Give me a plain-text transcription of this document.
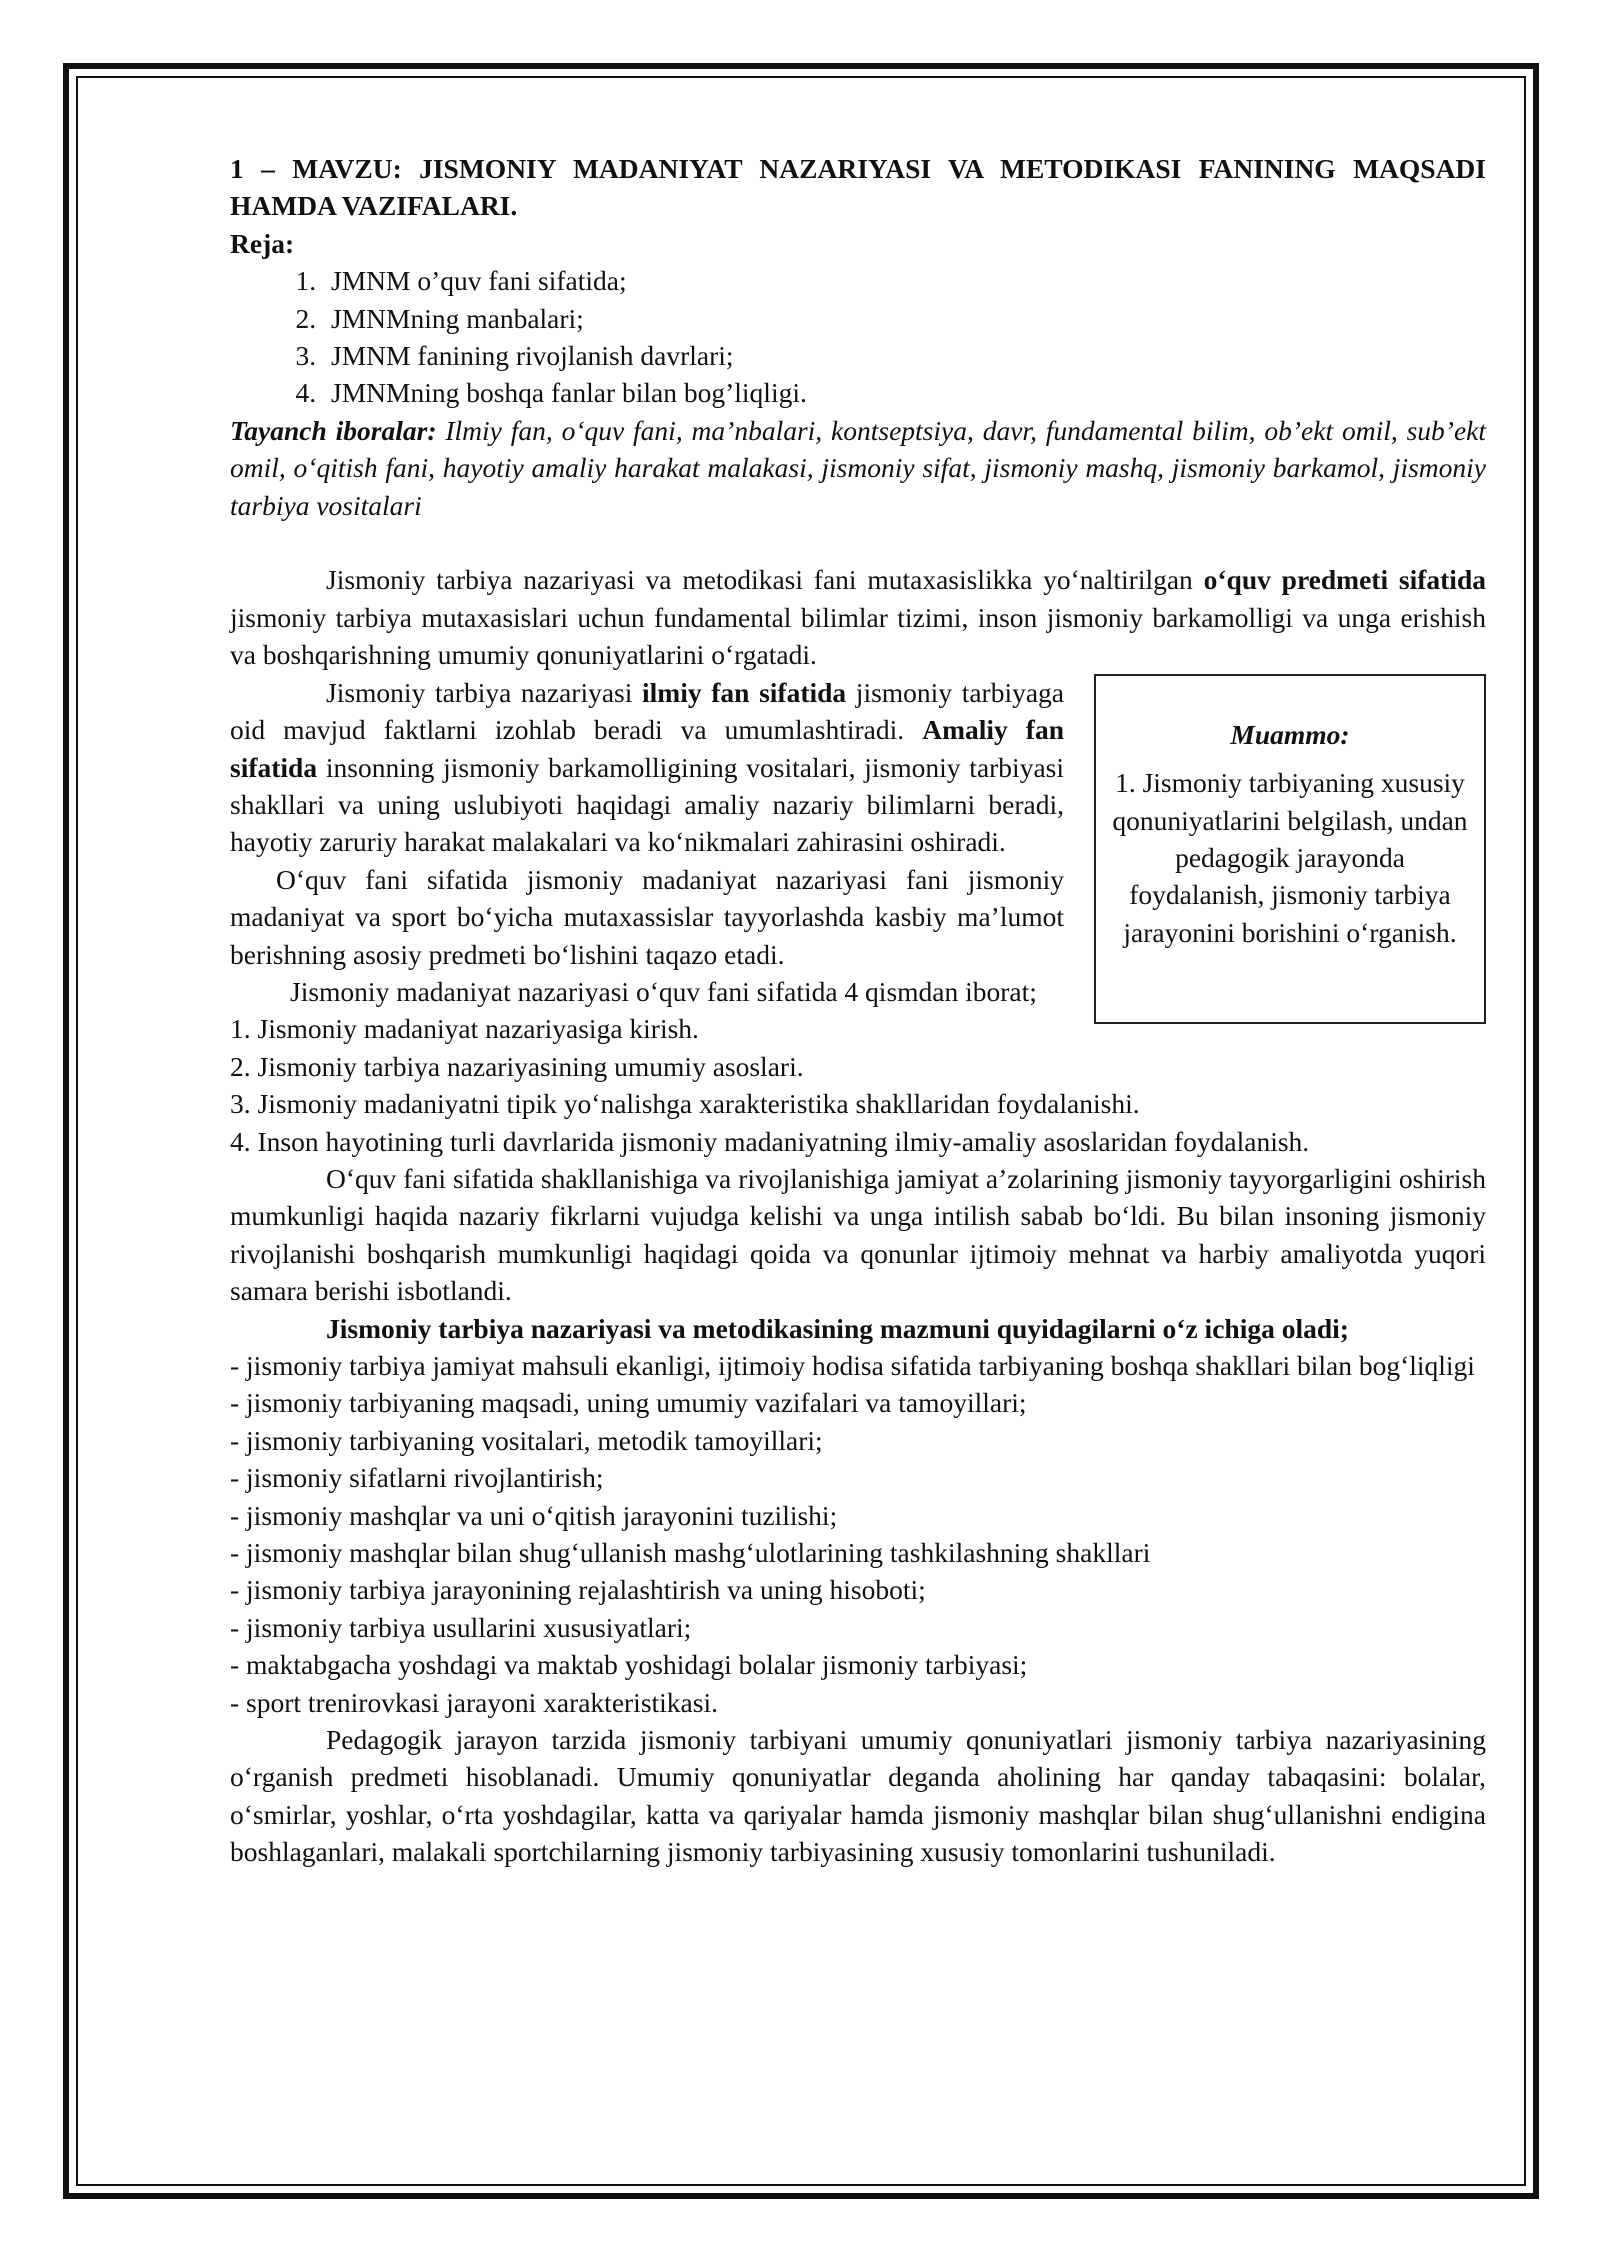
1 – MAVZU: JISMONIY MADANIYAT NAZARIYASI VA METODIKASI FANINING MAQSADI HAMDA VAZIFALARI.

Reja:

1. JMNM o’quv fani sifatida;
2. JMNMning manbalari;
3. JMNM fanining rivojlanish davrlari;
4. JMNMning boshqa fanlar bilan bog’liqligi.

Tayanch iboralar: Ilmiy fan, o‘quv fani, ma’nbalari, kontseptsiya, davr, fundamental bilim, ob’ekt omil, sub’ekt omil, o‘qitish fani, hayotiy amaliy harakat malakasi, jismoniy sifat, jismoniy mashq, jismoniy barkamol, jismoniy tarbiya vositalari

Jismoniy tarbiya nazariyasi va metodikasi fani mutaxasislikka yo‘naltirilgan o‘quv predmeti sifatida jismoniy tarbiya mutaxasislari uchun fundamental bilimlar tizimi, inson jismoniy barkamolligi va unga erishish va boshqarishning umumiy qonuniyatlarini o‘rgatadi.

Muammo:
1. Jismoniy tarbiyaning xususiy qonuniyatlarini belgilash, undan pedagogik jarayonda foydalanish, jismoniy tarbiya jarayonini borishini o‘rganish.

Jismoniy tarbiya nazariyasi ilmiy fan sifatida jismoniy tarbiyaga oid mavjud faktlarni izohlab beradi va umumlashtiradi. Amaliy fan sifatida insonning jismoniy barkamolligining vositalari, jismoniy tarbiyasi shakllari va uning uslubiyoti haqidagi amaliy nazariy bilimlarni beradi, hayotiy zaruriy harakat malakalari va ko‘nikmalari zahirasini oshiradi.

O‘quv fani sifatida jismoniy madaniyat nazariyasi fani jismoniy madaniyat va sport bo‘yicha mutaxassislar tayyorlashda kasbiy ma’lumot berishning asosiy predmeti bo‘lishini taqazo etadi.

Jismoniy madaniyat nazariyasi o‘quv fani sifatida 4 qismdan iborat;

1. Jismoniy madaniyat nazariyasiga kirish.

2. Jismoniy tarbiya nazariyasining umumiy asoslari.

3. Jismoniy madaniyatni tipik yo‘nalishga xarakteristika shakllaridan foydalanishi.

4. Inson hayotining turli davrlarida jismoniy madaniyatning ilmiy-amaliy asoslaridan foydalanish.

O‘quv fani sifatida shakllanishiga va rivojlanishiga jamiyat a’zolarining jismoniy tayyorgarligini oshirish mumkunligi haqida nazariy fikrlarni vujudga kelishi va unga intilish sabab bo‘ldi. Bu bilan insoning jismoniy rivojlanishi boshqarish mumkunligi haqidagi qoida va qonunlar ijtimoiy mehnat va harbiy amaliyotda yuqori samara berishi isbotlandi.

Jismoniy tarbiya nazariyasi va metodikasining mazmuni quyidagilarni o‘z ichiga oladi;

- jismoniy tarbiya jamiyat mahsuli ekanligi, ijtimoiy hodisa sifatida tarbiyaning boshqa shakllari bilan bog‘liqligi
- jismoniy tarbiyaning maqsadi, uning umumiy vazifalari va tamoyillari;
- jismoniy tarbiyaning vositalari, metodik tamoyillari;
- jismoniy sifatlarni rivojlantirish;
- jismoniy mashqlar va uni o‘qitish jarayonini tuzilishi;
- jismoniy mashqlar bilan shug‘ullanish mashg‘ulotlarining tashkilashning shakllari
- jismoniy tarbiya jarayonining rejalashtirish va uning hisoboti;
- jismoniy tarbiya usullarini xususiyatlari;
- maktabgacha yoshdagi va maktab yoshidagi bolalar jismoniy tarbiyasi;
- sport trenirovkasi jarayoni xarakteristikasi.

Pedagogik jarayon tarzida jismoniy tarbiyani umumiy qonuniyatlari jismoniy tarbiya nazariyasining o‘rganish predmeti hisoblanadi. Umumiy qonuniyatlar deganda aholining har qanday tabaqasini: bolalar, o‘smirlar, yoshlar, o‘rta yoshdagilar, katta va qariyalar hamda jismoniy mashqlar bilan shug‘ullanishni endigina boshlaganlari, malakali sportchilarning jismoniy tarbiyasining xususiy tomonlarini tushuniladi.
